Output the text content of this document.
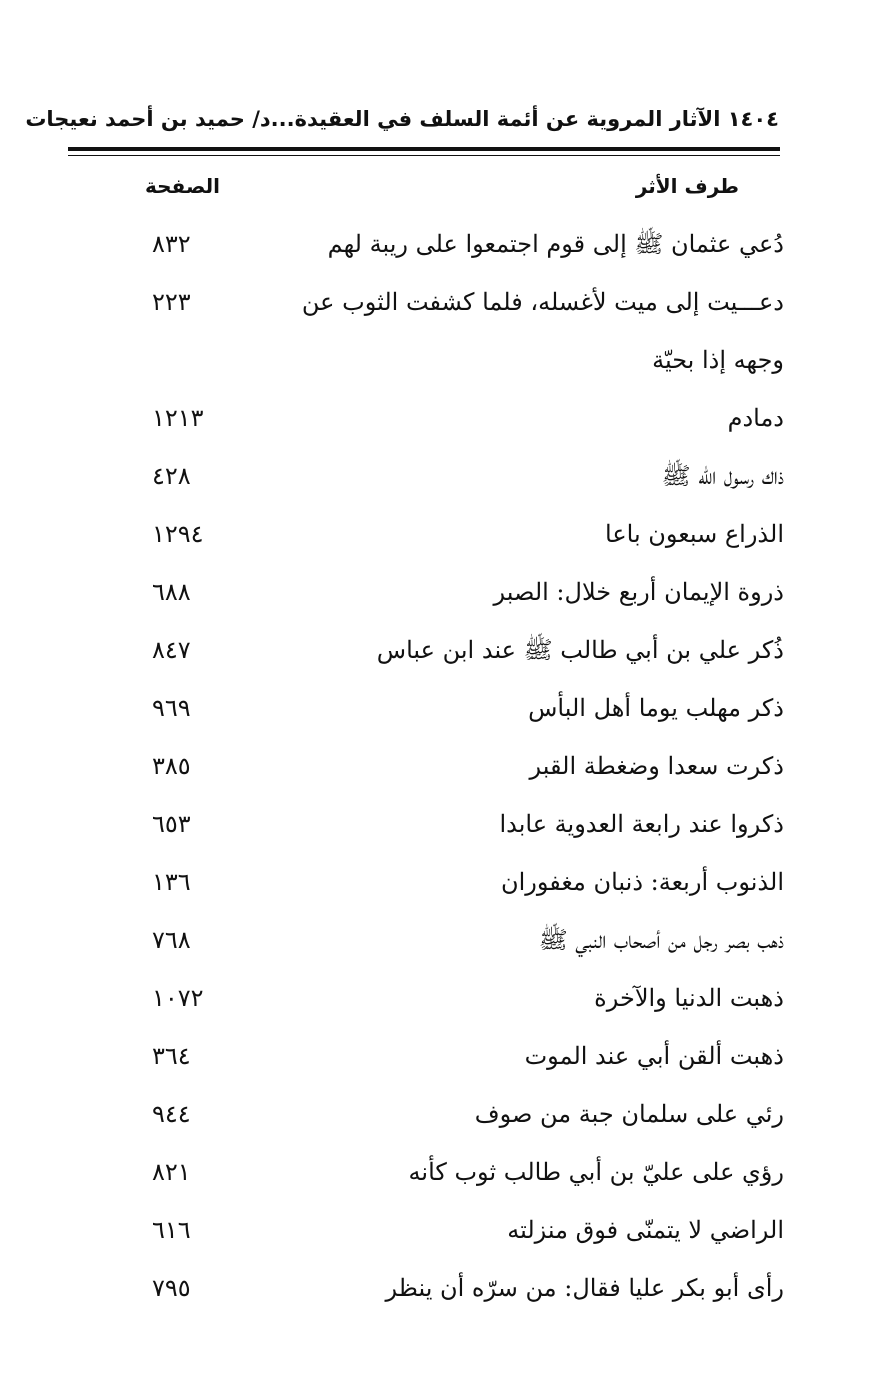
١٤٠٤ الآثار المروية عن أئمة السلف في العقيدة...د/ حميد بن أحمد نعيجات
طرف الأثر
الصفحة
دُعي عثمان ﷺ إلى قوم اجتمعوا على ريبة لهم
٨٣٢
دعـــيت إلى ميت لأغسله، فلما كشفت الثوب عن وجهه إذا بحيّة
٢٢٣
دمادم
١٢١٣
ذاك رسول الله ﷺ
٤٢٨
الذراع سبعون باعا
١٢٩٤
ذروة الإيمان أربع خلال: الصبر
٦٨٨
ذُكر علي بن أبي طالب ﷺ عند ابن عباس
٨٤٧
ذكر مهلب يوما أهل البأس
٩٦٩
ذكرت سعدا وضغطة القبر
٣٨٥
ذكروا عند رابعة العدوية عابدا
٦٥٣
الذنوب أربعة: ذنبان مغفوران
١٣٦
ذهب بصر رجل من أصحاب النبي ﷺ
٧٦٨
ذهبت الدنيا والآخرة
١٠٧٢
ذهبت ألقن أبي عند الموت
٣٦٤
رئي على سلمان جبة من صوف
٩٤٤
رؤي على عليّ بن أبي طالب ثوب كأنه
٨٢١
الراضي لا يتمنّى فوق منزلته
٦١٦
رأى أبو بكر عليا فقال: من سرّه أن ينظر
٧٩٥
